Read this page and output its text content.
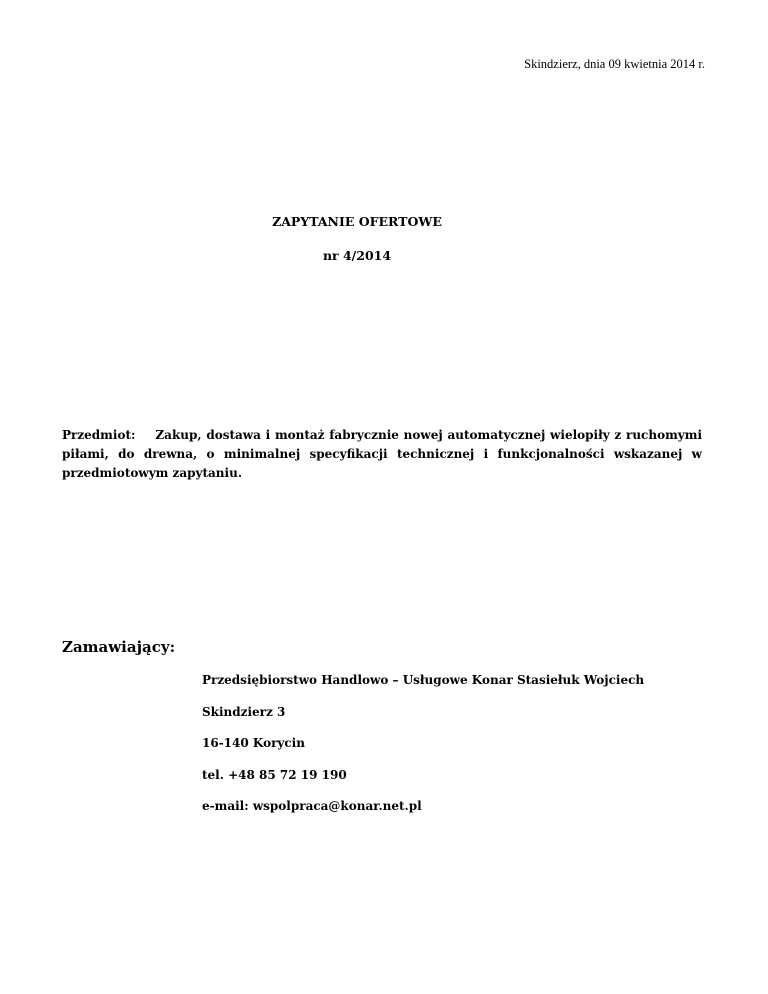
Skindzierz, dnia 09 kwietnia 2014 r.
ZAPYTANIE OFERTOWE
nr 4/2014
Przedmiot: Zakup, dostawa i montaż fabrycznie nowej automatycznej wielopiły z ruchomymi piłami, do drewna, o minimalnej specyfikacji technicznej i funkcjonalności wskazanej w przedmiotowym zapytaniu.
Zamawiający:
Przedsiębiorstwo Handlowo – Usługowe Konar Stasiełuk Wojciech
Skindzierz 3
16-140 Korycin
tel. +48 85 72 19 190
e-mail: wspolpraca@konar.net.pl
